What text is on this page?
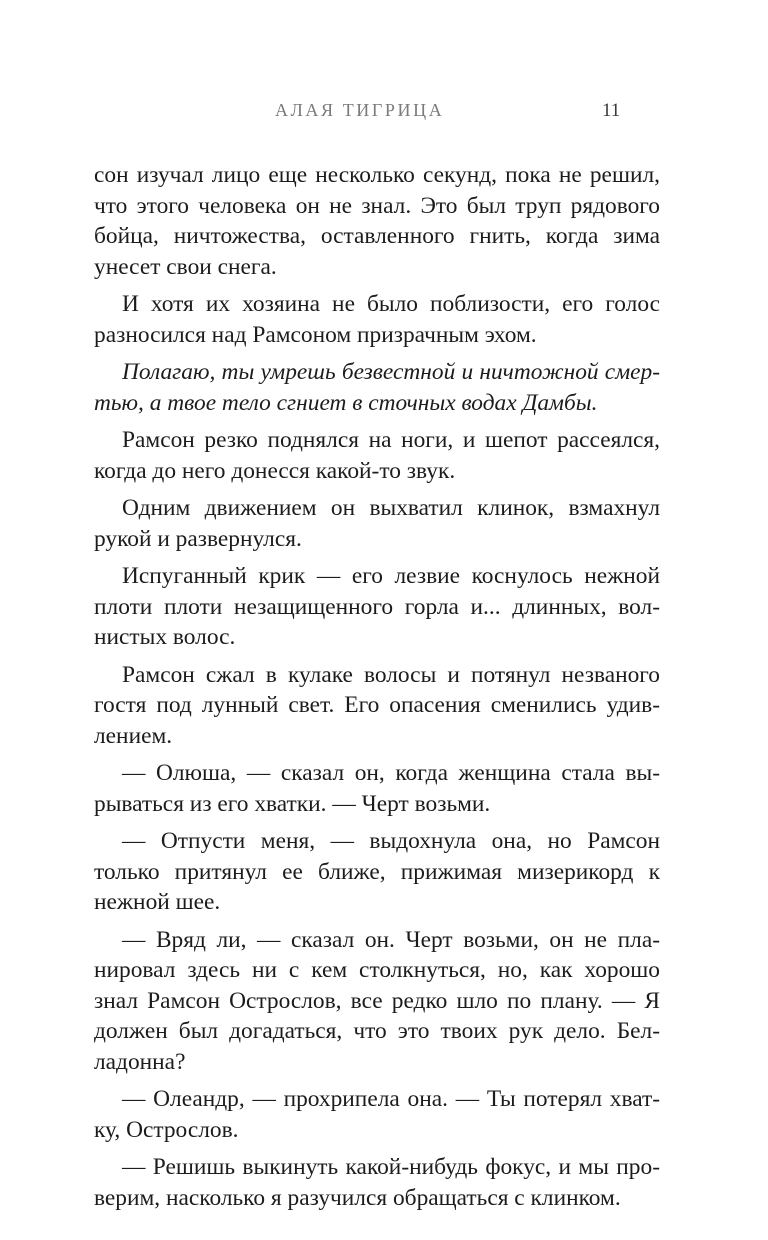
АЛАЯ ТИГРИЦА	11

сон изучал лицо еще несколько секунд, пока не решил, что этого человека он не знал. Это был труп рядового бойца, ничтожества, оставленного гнить, когда зима унесет свои снега.

И хотя их хозяина не было поблизости, его голос разносился над Рамсоном призрачным эхом.

Полагаю, ты умрешь безвестной и ничтожной смертью, а твое тело сгниет в сточных водах Дамбы.

Рамсон резко поднялся на ноги, и шепот рассеялся, когда до него донесся какой-то звук.

Одним движением он выхватил клинок, взмахнул рукой и развернулся.

Испуганный крик — его лезвие коснулось нежной плоти плоти незащищенного горла и... длинных, волнистых волос.

Рамсон сжал в кулаке волосы и потянул незваного гостя под лунный свет. Его опасения сменились удивлением.

— Олюша, — сказал он, когда женщина стала вырываться из его хватки. — Черт возьми.

— Отпусти меня, — выдохнула она, но Рамсон только притянул ее ближе, прижимая мизерикорд к нежной шее.

— Вряд ли, — сказал он. Черт возьми, он не планировал здесь ни с кем столкнуться, но, как хорошо знал Рамсон Острослов, все редко шло по плану. — Я должен был догадаться, что это твоих рук дело. Белладонна?

— Олеандр, — прохрипела она. — Ты потерял хватку, Острослов.

— Решишь выкинуть какой-нибудь фокус, и мы проверим, насколько я разучился обращаться с клинком.
